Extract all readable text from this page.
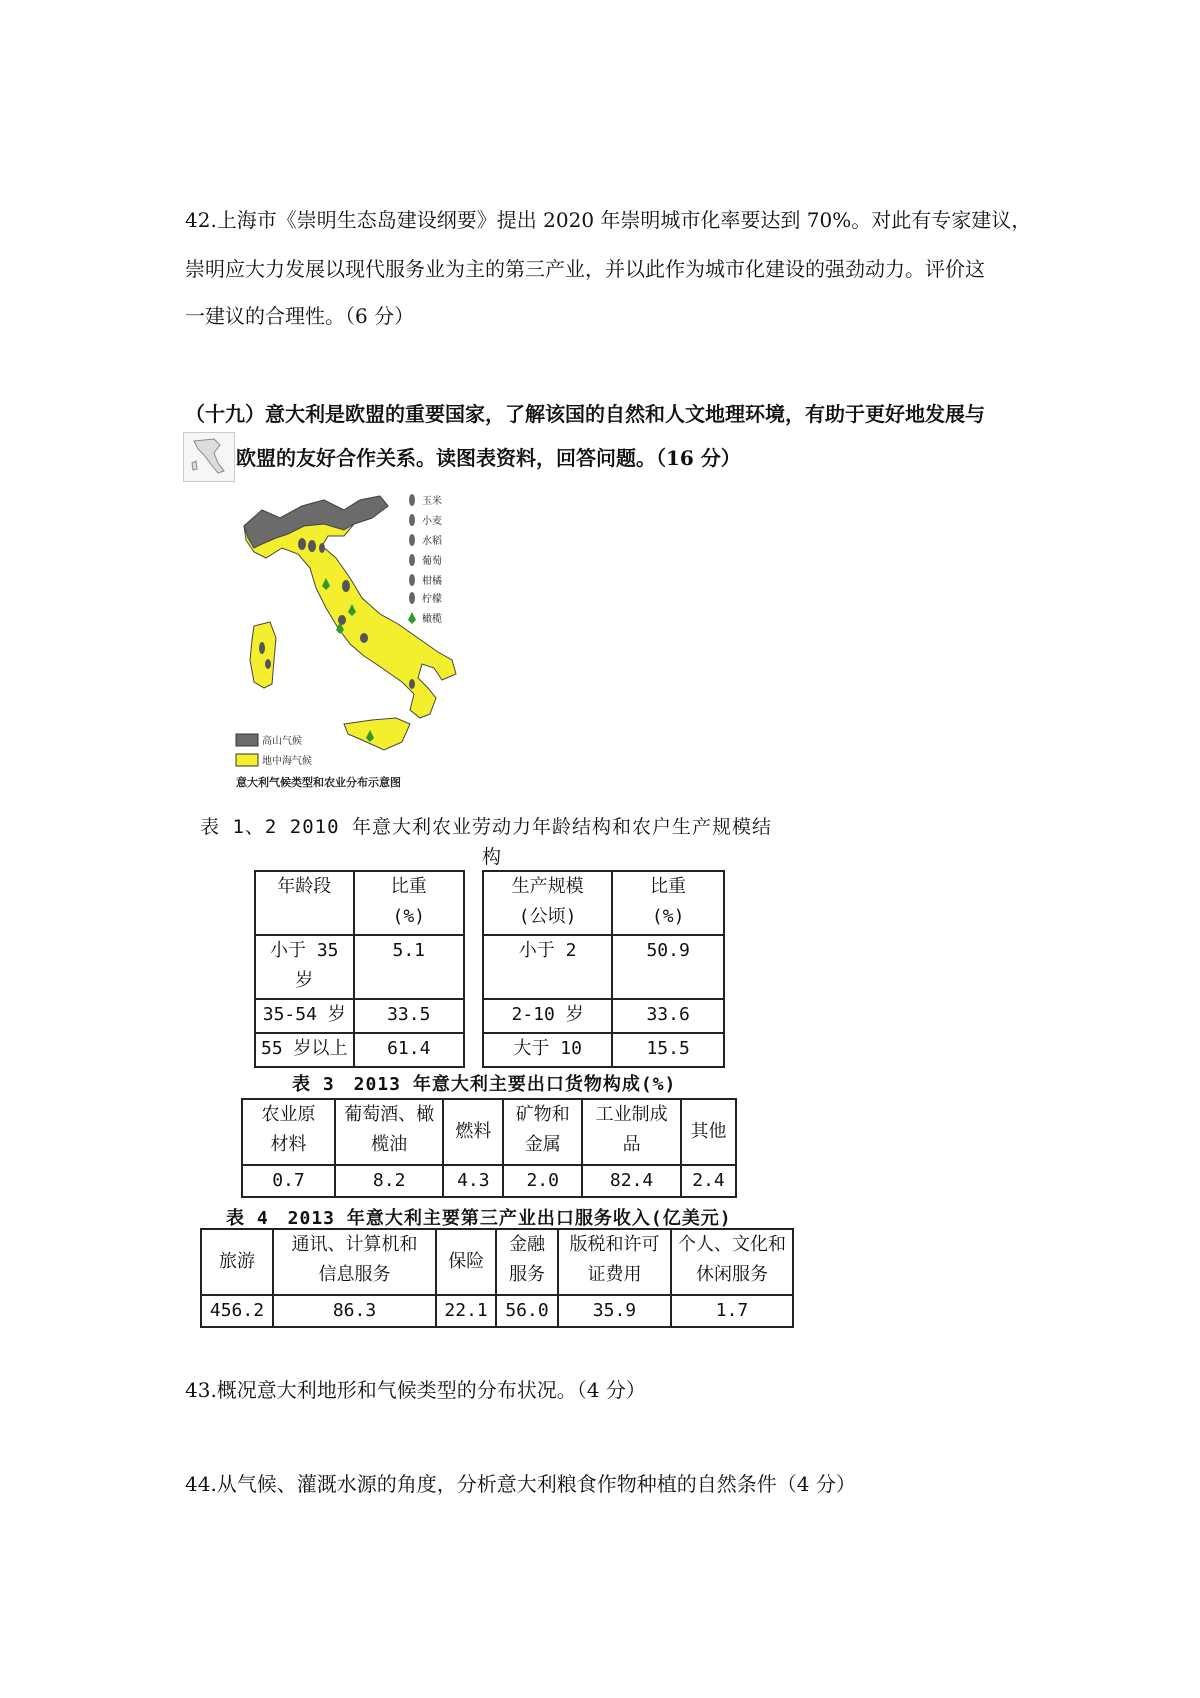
42.上海市《崇明生态岛建设纲要》提出 2020 年崇明城市化率要达到 70%。对此有专家建议，
崇明应大力发展以现代服务业为主的第三产业，并以此作为城市化建设的强劲动力。评价这
一建议的合理性。（6 分）
（十九）意大利是欧盟的重要国家，了解该国的自然和人文地理环境，有助于更好地发展与
欧盟的友好合作关系。读图表资料，回答问题。（16 分）
玉米
小麦
水稻
葡萄
柑橘
柠檬
橄榄
高山气候
地中海气候
意大利气候类型和农业分布示意图
表 1、2 2010 年意大利农业劳动力年龄结构和农户生产规模结
构
年龄段	比重(%)
小于 35 岁	5.1
35-54 岁	33.5
55 岁以上	61.4
生产规模(公顷)	比重(%)
小于 2	50.9
2-10 岁	33.6
大于 10	15.5
表 3　2013 年意大利主要出口货物构成(%)
农业原材料	葡萄酒、橄榄油	燃料	矿物和金属	工业制成品	其他
0.7	8.2	4.3	2.0	82.4	2.4
表 4　2013 年意大利主要第三产业出口服务收入(亿美元)
旅游	通讯、计算机和信息服务	保险	金融服务	版税和许可证费用	个人、文化和休闲服务
456.2	86.3	22.1	56.0	35.9	1.7
43.概况意大利地形和气候类型的分布状况。（4 分）
44.从气候、灌溉水源的角度，分析意大利粮食作物种植的自然条件（4 分）
